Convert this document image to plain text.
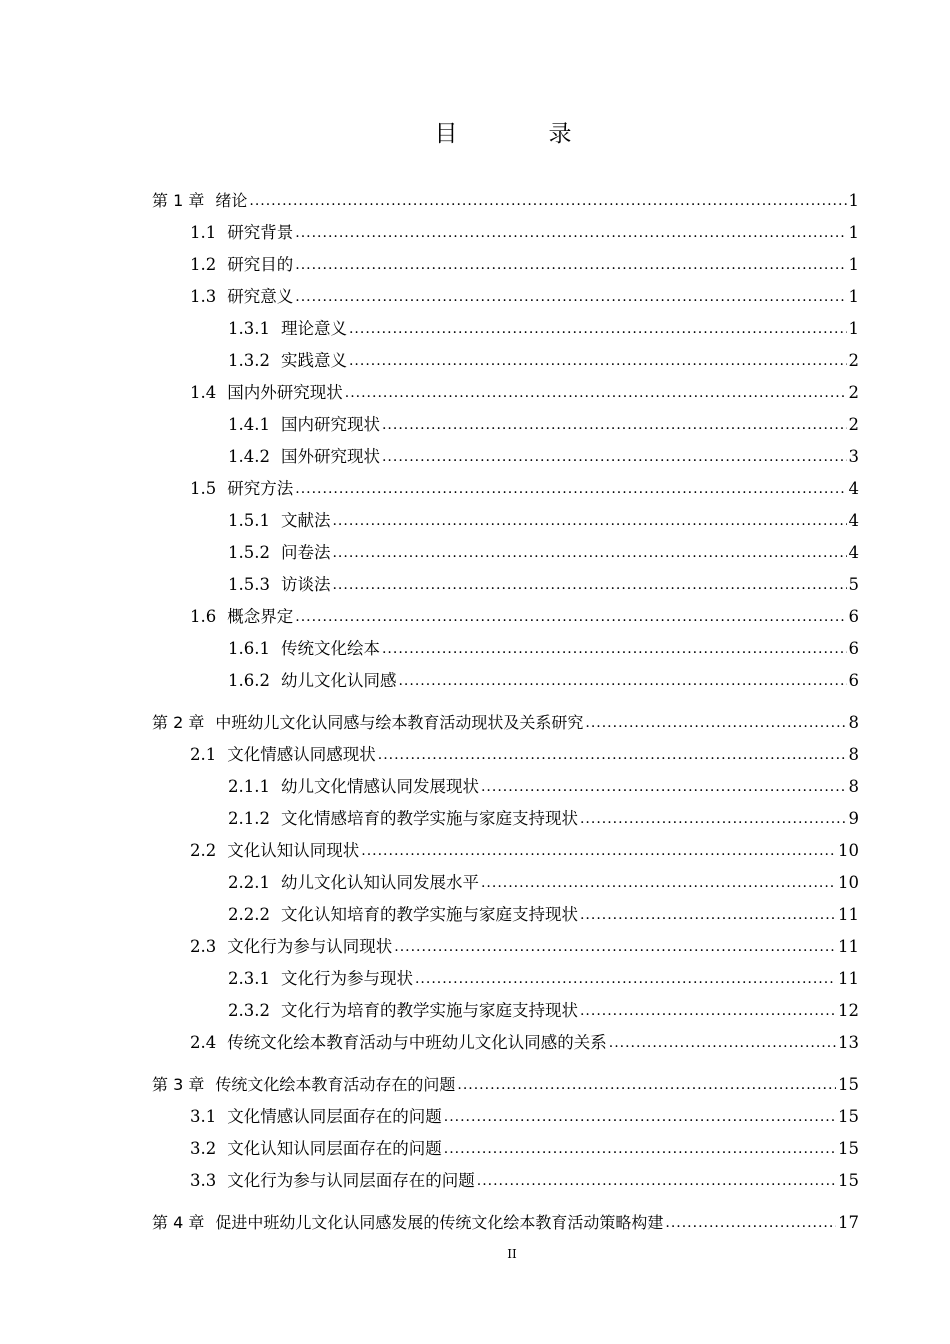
目　录
第 1 章 绪论 .....	1
1.1 研究背景 .....	1
1.2 研究目的 .....	1
1.3 研究意义 .....	1
1.3.1 理论意义 .....	1
1.3.2 实践意义 .....	2
1.4 国内外研究现状 .....	2
1.4.1 国内研究现状 .....	2
1.4.2 国外研究现状 .....	3
1.5 研究方法 .....	4
1.5.1 文献法 .....	4
1.5.2 问卷法 .....	4
1.5.3 访谈法 .....	5
1.6 概念界定 .....	6
1.6.1 传统文化绘本 .....	6
1.6.2 幼儿文化认同感 .....	6
第 2 章 中班幼儿文化认同感与绘本教育活动现状及关系研究 .....	8
2.1 文化情感认同感现状 .....	8
2.1.1 幼儿文化情感认同发展现状 .....	8
2.1.2 文化情感培育的教学实施与家庭支持现状 .....	9
2.2 文化认知认同现状 .....	10
2.2.1 幼儿文化认知认同发展水平 .....	10
2.2.2 文化认知培育的教学实施与家庭支持现状 .....	11
2.3 文化行为参与认同现状 .....	11
2.3.1 文化行为参与现状 .....	11
2.3.2 文化行为培育的教学实施与家庭支持现状 .....	12
2.4 传统文化绘本教育活动与中班幼儿文化认同感的关系 .....	13
第 3 章 传统文化绘本教育活动存在的问题 .....	15
3.1 文化情感认同层面存在的问题 .....	15
3.2 文化认知认同层面存在的问题 .....	15
3.3 文化行为参与认同层面存在的问题 .....	15
第 4 章 促进中班幼儿文化认同感发展的传统文化绘本教育活动策略构建 .....	17
II
